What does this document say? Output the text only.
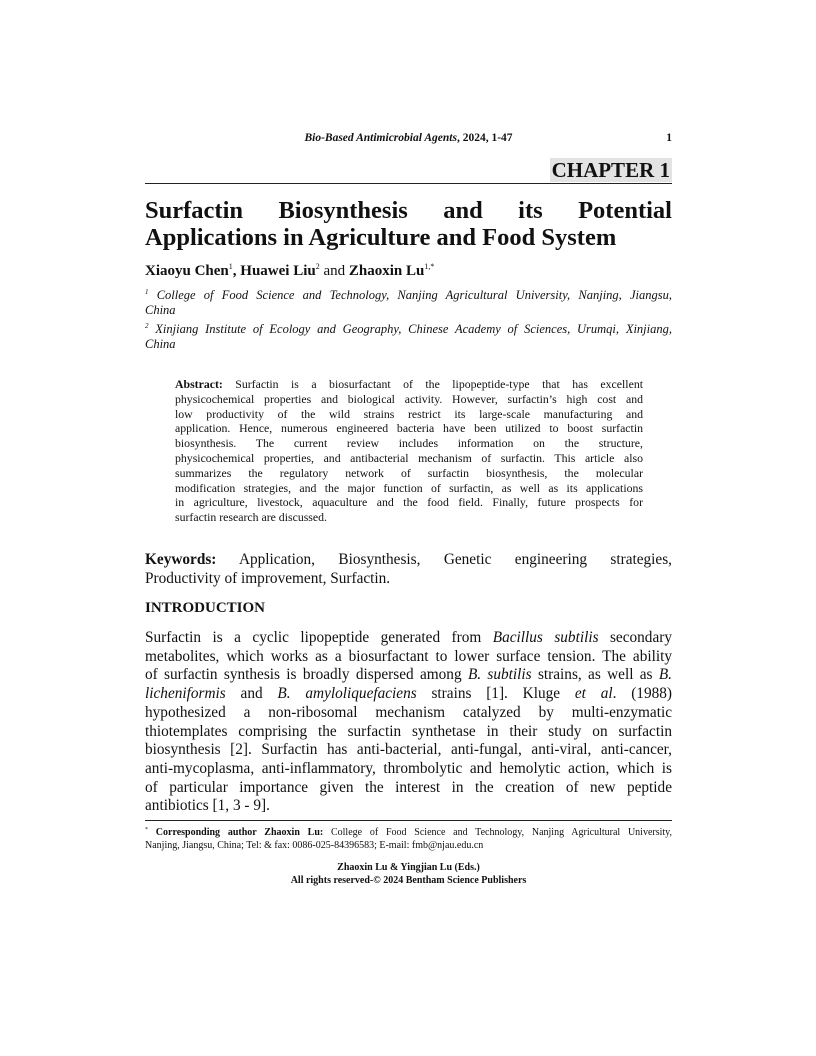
Bio-Based Antimicrobial Agents, 2024, 1-47	1
CHAPTER 1
Surfactin Biosynthesis and its Potential
Applications in Agriculture and Food System
Xiaoyu Chen$^1$, Huawei Liu$^2$ and Zhaoxin $Lu^{1,*}$
$^1$ College of Food Science and Technology, Nanjing Agricultural University, Nanjing, Jiangsu,
China
$^2$ Xinjiang Institute of Ecology and Geography, Chinese Academy of Sciences, Urumqi, Xinjiang,
China
Abstract: Surfactin is a biosurfactant of the lipopeptide-type that has excellent
physicochemical properties and biological activity. However, surfactin’s high cost and
low productivity of the wild strains restrict its large-scale manufacturing and
application. Hence, numerous engineered bacteria have been utilized to boost surfactin
biosynthesis. The current review includes information on the structure,
physicochemical properties, and antibacterial mechanism of surfactin. This article also
summarizes the regulatory network of surfactin biosynthesis, the molecular
modification strategies, and the major function of surfactin, as well as its applications
in agriculture, livestock, aquaculture and the food field. Finally, future prospects for
surfactin research are discussed.
Keywords: Application, Biosynthesis, Genetic engineering strategies,
Productivity of improvement, Surfactin.
INTRODUCTION
Surfactin is a cyclic lipopeptide generated from Bacillus subtilis secondary
metabolites, which works as a biosurfactant to lower surface tension. The ability
of surfactin synthesis is broadly dispersed among B. subtilis strains, as well as B.
licheniformis and B. amyloliquefaciens strains [1]. Kluge et al. (1988)
hypothesized a non-ribosomal mechanism catalyzed by multi-enzymatic
thiotemplates comprising the surfactin synthetase in their study on surfactin
biosynthesis [2]. Surfactin has anti-bacterial, anti-fungal, anti-viral, anti-cancer,
anti-mycoplasma, anti-inflammatory, thrombolytic and hemolytic action, which is
of particular importance given the interest in the creation of new peptide
antibiotics [1, 3 - 9].
* Corresponding author Zhaoxin Lu: College of Food Science and Technology, Nanjing Agricultural University,
Nanjing, Jiangsu, China; Tel: & fax: 0086-025-84396583; E-mail: fmb@njau.edu.cn
Zhaoxin Lu & Yingjian Lu (Eds.)
All rights reserved-© 2024 Bentham Science Publishers
